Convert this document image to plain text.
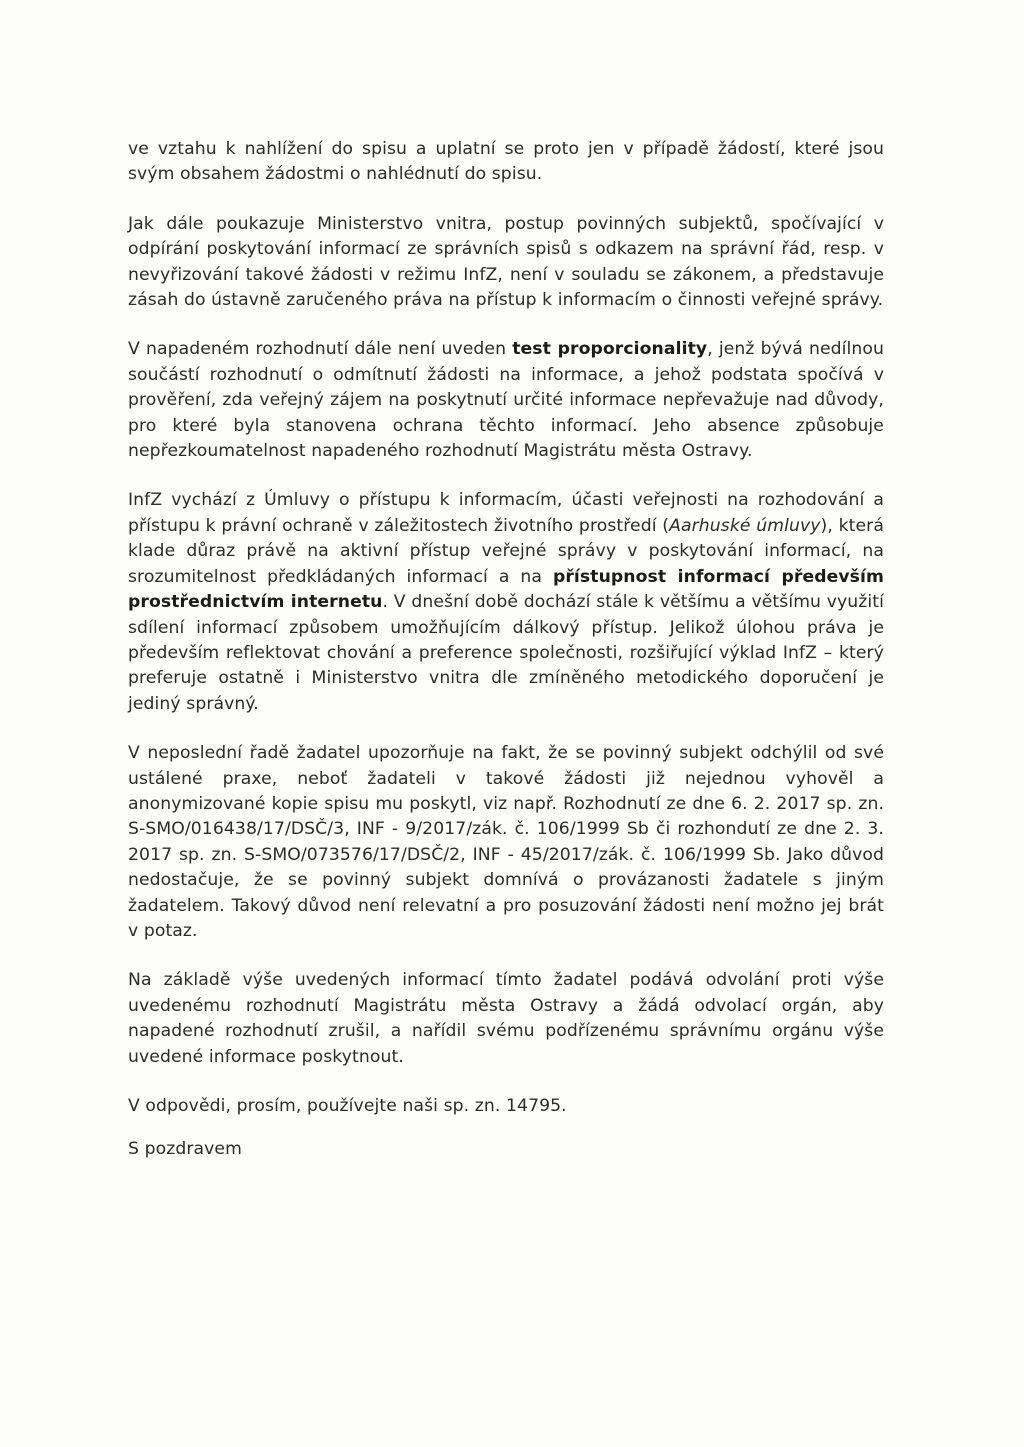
ve vztahu k nahlížení do spisu a uplatní se proto jen v případě žádostí, které jsou svým obsahem žádostmi o nahlédnutí do spisu.

Jak dále poukazuje Ministerstvo vnitra, postup povinných subjektů, spočívající v odpírání poskytování informací ze správních spisů s odkazem na správní řád, resp. v nevyřizování takové žádosti v režimu InfZ, není v souladu se zákonem, a představuje zásah do ústavně zaručeného práva na přístup k informacím o činnosti veřejné správy.

V napadeném rozhodnutí dále není uveden test proporcionality, jenž bývá nedílnou součástí rozhodnutí o odmítnutí žádosti na informace, a jehož podstata spočívá v prověření, zda veřejný zájem na poskytnutí určité informace nepřevažuje nad důvody, pro které byla stanovena ochrana těchto informací. Jeho absence způsobuje nepřezkoumatelnost napadeného rozhodnutí Magistrátu města Ostravy.

InfZ vychází z Úmluvy o přístupu k informacím, účasti veřejnosti na rozhodování a přístupu k právní ochraně v záležitostech životního prostředí (Aarhuské úmluvy), která klade důraz právě na aktivní přístup veřejné správy v poskytování informací, na srozumitelnost předkládaných informací a na přístupnost informací především prostřednictvím internetu. V dnešní době dochází stále k většímu a většímu využití sdílení informací způsobem umožňujícím dálkový přístup. Jelikož úlohou práva je především reflektovat chování a preference společnosti, rozšiřující výklad InfZ – který preferuje ostatně i Ministerstvo vnitra dle zmíněného metodického doporučení je jediný správný.

V neposlední řadě žadatel upozorňuje na fakt, že se povinný subjekt odchýlil od své ustálené praxe, neboť žadateli v takové žádosti již nejednou vyhověl a anonymizované kopie spisu mu poskytl, viz např. Rozhodnutí ze dne 6. 2. 2017 sp. zn. S-SMO/016438/17/DSČ/3, INF - 9/2017/zák. č. 106/1999 Sb či rozhondutí ze dne 2. 3. 2017 sp. zn. S-SMO/073576/17/DSČ/2, INF - 45/2017/zák. č. 106/1999 Sb. Jako důvod nedostačuje, že se povinný subjekt domnívá o provázanosti žadatele s jiným žadatelem. Takový důvod není relevatní a pro posuzování žádosti není možno jej brát v potaz.

Na základě výše uvedených informací tímto žadatel podává odvolání proti výše uvedenému rozhodnutí Magistrátu města Ostravy a žádá odvolací orgán, aby napadené rozhodnutí zrušil, a nařídil svému podřízenému správnímu orgánu výše uvedené informace poskytnout.

V odpovědi, prosím, používejte naši sp. zn. 14795.

S pozdravem
